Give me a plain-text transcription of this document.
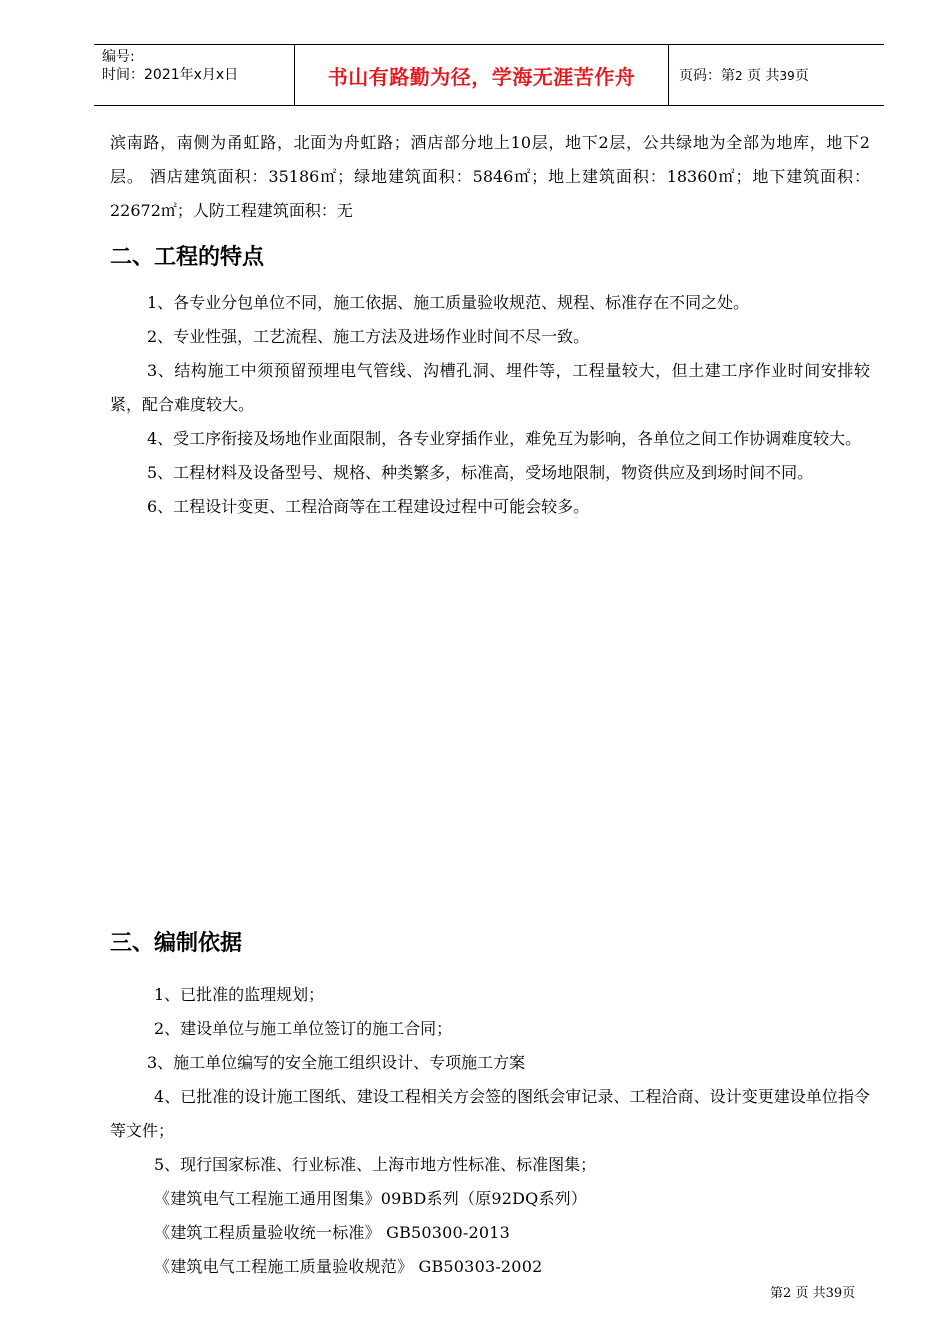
编号:
时间：2021年x月x日	书山有路勤为径，学海无涯苦作舟	页码：第2 页 共39页

滨南路，南侧为甬虹路，北面为舟虹路；酒店部分地上10层，地下2层，公共绿地为全部为地库，地下2层。 酒店建筑面积：35186㎡；绿地建筑面积：5846㎡；地上建筑面积：18360㎡；地下建筑面积：22672㎡；人防工程建筑面积：无

二、工程的特点

1、各专业分包单位不同，施工依据、施工质量验收规范、规程、标准存在不同之处。

2、专业性强，工艺流程、施工方法及进场作业时间不尽一致。

3、结构施工中须预留预埋电气管线、沟槽孔洞、埋件等，工程量较大，但土建工序作业时间安排较紧，配合难度较大。

4、受工序衔接及场地作业面限制，各专业穿插作业，难免互为影响，各单位之间工作协调难度较大。

5、工程材料及设备型号、规格、种类繁多，标准高，受场地限制，物资供应及到场时间不同。

6、工程设计变更、工程洽商等在工程建设过程中可能会较多。

三、编制依据

1、已批准的监理规划；

2、建设单位与施工单位签订的施工合同；

3、施工单位编写的安全施工组织设计、专项施工方案

4、已批准的设计施工图纸、建设工程相关方会签的图纸会审记录、工程洽商、设计变更建设单位指令等文件；

5、现行国家标准、行业标准、上海市地方性标准、标准图集；

《建筑电气工程施工通用图集》09BD系列（原92DQ系列）

《建筑工程质量验收统一标准》 GB50300-2013

《建筑电气工程施工质量验收规范》 GB50303-2002

第2 页 共39页
